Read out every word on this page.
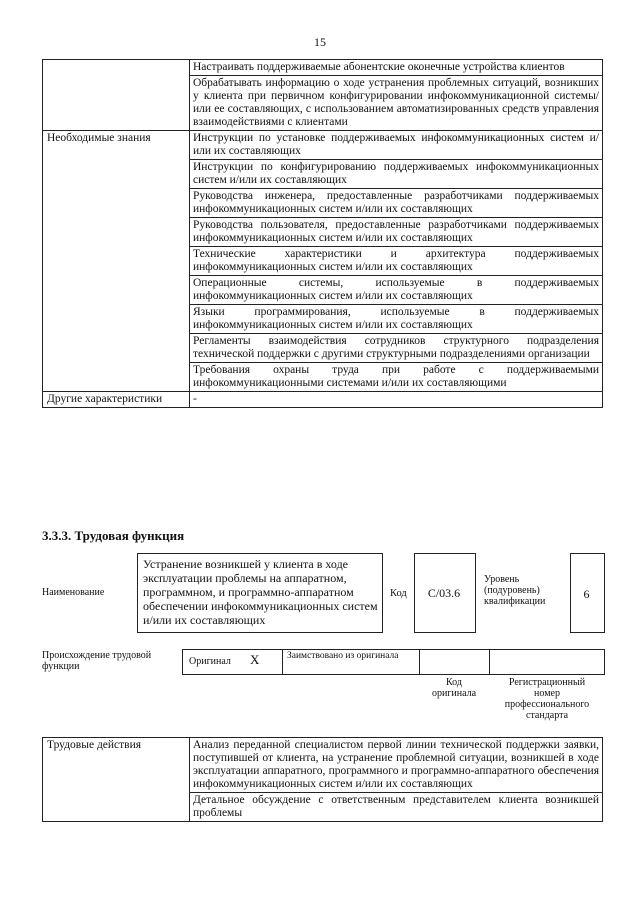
15
	Настраивать поддерживаемые абонентские оконечные устройства клиентов
	Обрабатывать информацию о ходе устранения проблемных ситуаций, возникших у клиента при первичном конфигурировании инфокоммуникационной системы/или ее составляющих, с использованием автоматизированных средств управления взаимодействиями с клиентами
Необходимые знания	Инструкции по установке поддерживаемых инфокоммуникационных систем и/или их составляющих
	Инструкции по конфигурированию поддерживаемых инфокоммуникационных систем и/или их составляющих
	Руководства инженера, предоставленные разработчиками поддерживаемых инфокоммуникационных систем и/или их составляющих
	Руководства пользователя, предоставленные разработчиками поддерживаемых инфокоммуникационных систем и/или их составляющих
	Технические характеристики и архитектура поддерживаемых инфокоммуникационных систем и/или их составляющих
	Операционные системы, используемые в поддерживаемых инфокоммуникационных систем и/или их составляющих
	Языки программирования, используемые в поддерживаемых инфокоммуникационных систем и/или их составляющих
	Регламенты взаимодействия сотрудников структурного подразделения технической поддержки с другими структурными подразделениями организации
	Требования охраны труда при работе с поддерживаемыми инфокоммуникационными системами и/или их составляющими
Другие характеристики	-
3.3.3. Трудовая функция
Наименование
Устранение возникшей у клиента в ходе эксплуатации проблемы на аппаратном, программном, и программно-аппаратном обеспечении инфокоммуникационных систем и/или их составляющих
Код	C/03.6
Уровень (подуровень) квалификации
6
Происхождение трудовой функции	Оригинал X	Заимствовано из оригинала
Код оригинала
Регистрационный номер профессионального стандарта
Трудовые действия	Анализ переданной специалистом первой линии технической поддержки заявки, поступившей от клиента, на устранение проблемной ситуации, возникшей в ходе эксплуатации аппаратного, программного и программно-аппаратного обеспечения инфокоммуникационных систем и/или их составляющих
Детальное обсуждение с ответственным представителем клиента возникшей проблемы
